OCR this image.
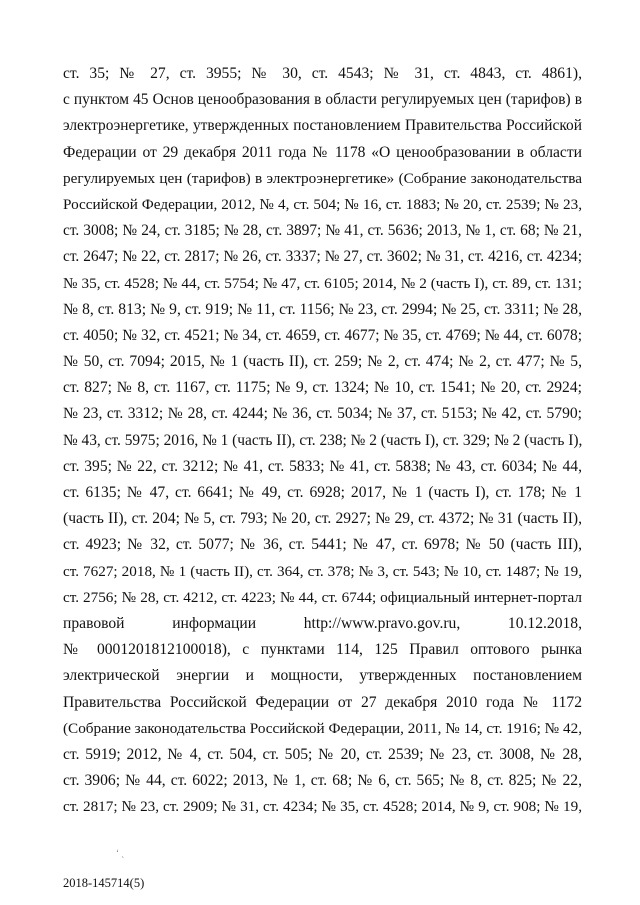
ст. 35; № 27, ст. 3955; № 30, ст. 4543; № 31, ст. 4843, ст. 4861),
с пунктом 45 Основ ценообразования в области регулируемых цен (тарифов) в
электроэнергетике, утвержденных постановлением Правительства Российской
Федерации от 29 декабря 2011 года № 1178 «О ценообразовании в области
регулируемых цен (тарифов) в электроэнергетике» (Собрание законодательства
Российской Федерации, 2012, № 4, ст. 504; № 16, ст. 1883; № 20, ст. 2539; № 23,
ст. 3008; № 24, ст. 3185; № 28, ст. 3897; № 41, ст. 5636; 2013, № 1, ст. 68; № 21,
ст. 2647; № 22, ст. 2817; № 26, ст. 3337; № 27, ст. 3602; № 31, ст. 4216, ст. 4234;
№ 35, ст. 4528; № 44, ст. 5754; № 47, ст. 6105; 2014, № 2 (часть I), ст. 89, ст. 131;
№ 8, ст. 813; № 9, ст. 919; № 11, ст. 1156; № 23, ст. 2994; № 25, ст. 3311; № 28,
ст. 4050; № 32, ст. 4521; № 34, ст. 4659, ст. 4677; № 35, ст. 4769; № 44, ст. 6078;
№ 50, ст. 7094; 2015, № 1 (часть II), ст. 259; № 2, ст. 474; № 2, ст. 477; № 5,
ст. 827; № 8, ст. 1167, ст. 1175; № 9, ст. 1324; № 10, ст. 1541; № 20, ст. 2924;
№ 23, ст. 3312; № 28, ст. 4244; № 36, ст. 5034; № 37, ст. 5153; № 42, ст. 5790;
№ 43, ст. 5975; 2016, № 1 (часть II), ст. 238; № 2 (часть I), ст. 329; № 2 (часть I),
ст. 395; № 22, ст. 3212; № 41, ст. 5833; № 41, ст. 5838; № 43, ст. 6034; № 44,
ст. 6135; № 47, ст. 6641; № 49, ст. 6928; 2017, № 1 (часть I), ст. 178; № 1
(часть II), ст. 204; № 5, ст. 793; № 20, ст. 2927; № 29, ст. 4372; № 31 (часть II),
ст. 4923; № 32, ст. 5077; № 36, ст. 5441; № 47, ст. 6978; № 50 (часть III),
ст. 7627; 2018, № 1 (часть II), ст. 364, ст. 378; № 3, ст. 543; № 10, ст. 1487; № 19,
ст. 2756; № 28, ст. 4212, ст. 4223; № 44, ст. 6744; официальный интернет-портал
правовой информации http://www.pravo.gov.ru, 10.12.2018,
№ 0001201812100018), с пунктами 114, 125 Правил оптового рынка
электрической энергии и мощности, утвержденных постановлением
Правительства Российской Федерации от 27 декабря 2010 года № 1172
(Собрание законодательства Российской Федерации, 2011, № 14, ст. 1916; № 42,
ст. 5919; 2012, № 4, ст. 504, ст. 505; № 20, ст. 2539; № 23, ст. 3008, № 28,
ст. 3906; № 44, ст. 6022; 2013, № 1, ст. 68; № 6, ст. 565; № 8, ст. 825; № 22,
ст. 2817; № 23, ст. 2909; № 31, ст. 4234; № 35, ст. 4528; 2014, № 9, ст. 908; № 19,
ʻ ˎ
2018-145714(5)
